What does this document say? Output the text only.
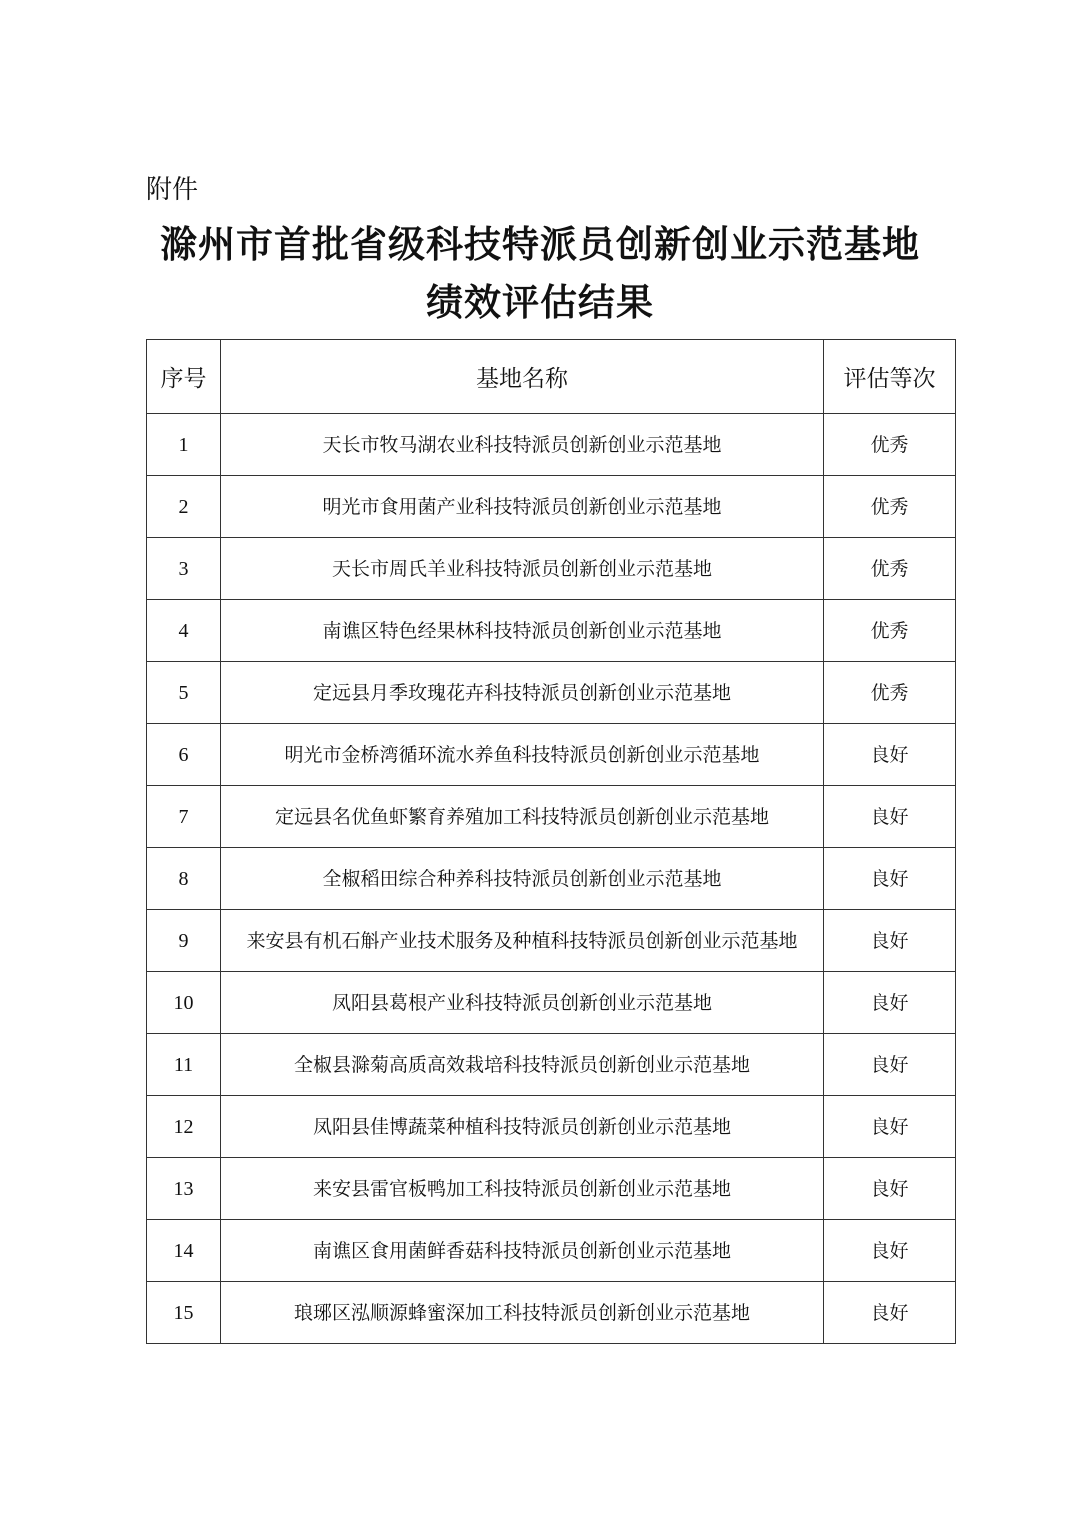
附件
滁州市首批省级科技特派员创新创业示范基地
绩效评估结果
序号	基地名称	评估等次
1	天长市牧马湖农业科技特派员创新创业示范基地	优秀
2	明光市食用菌产业科技特派员创新创业示范基地	优秀
3	天长市周氏羊业科技特派员创新创业示范基地	优秀
4	南谯区特色经果林科技特派员创新创业示范基地	优秀
5	定远县月季玫瑰花卉科技特派员创新创业示范基地	优秀
6	明光市金桥湾循环流水养鱼科技特派员创新创业示范基地	良好
7	定远县名优鱼虾繁育养殖加工科技特派员创新创业示范基地	良好
8	全椒稻田综合种养科技特派员创新创业示范基地	良好
9	来安县有机石斛产业技术服务及种植科技特派员创新创业示范基地	良好
10	凤阳县葛根产业科技特派员创新创业示范基地	良好
11	全椒县滁菊高质高效栽培科技特派员创新创业示范基地	良好
12	凤阳县佳博蔬菜种植科技特派员创新创业示范基地	良好
13	来安县雷官板鸭加工科技特派员创新创业示范基地	良好
14	南谯区食用菌鲜香菇科技特派员创新创业示范基地	良好
15	琅琊区泓顺源蜂蜜深加工科技特派员创新创业示范基地	良好
